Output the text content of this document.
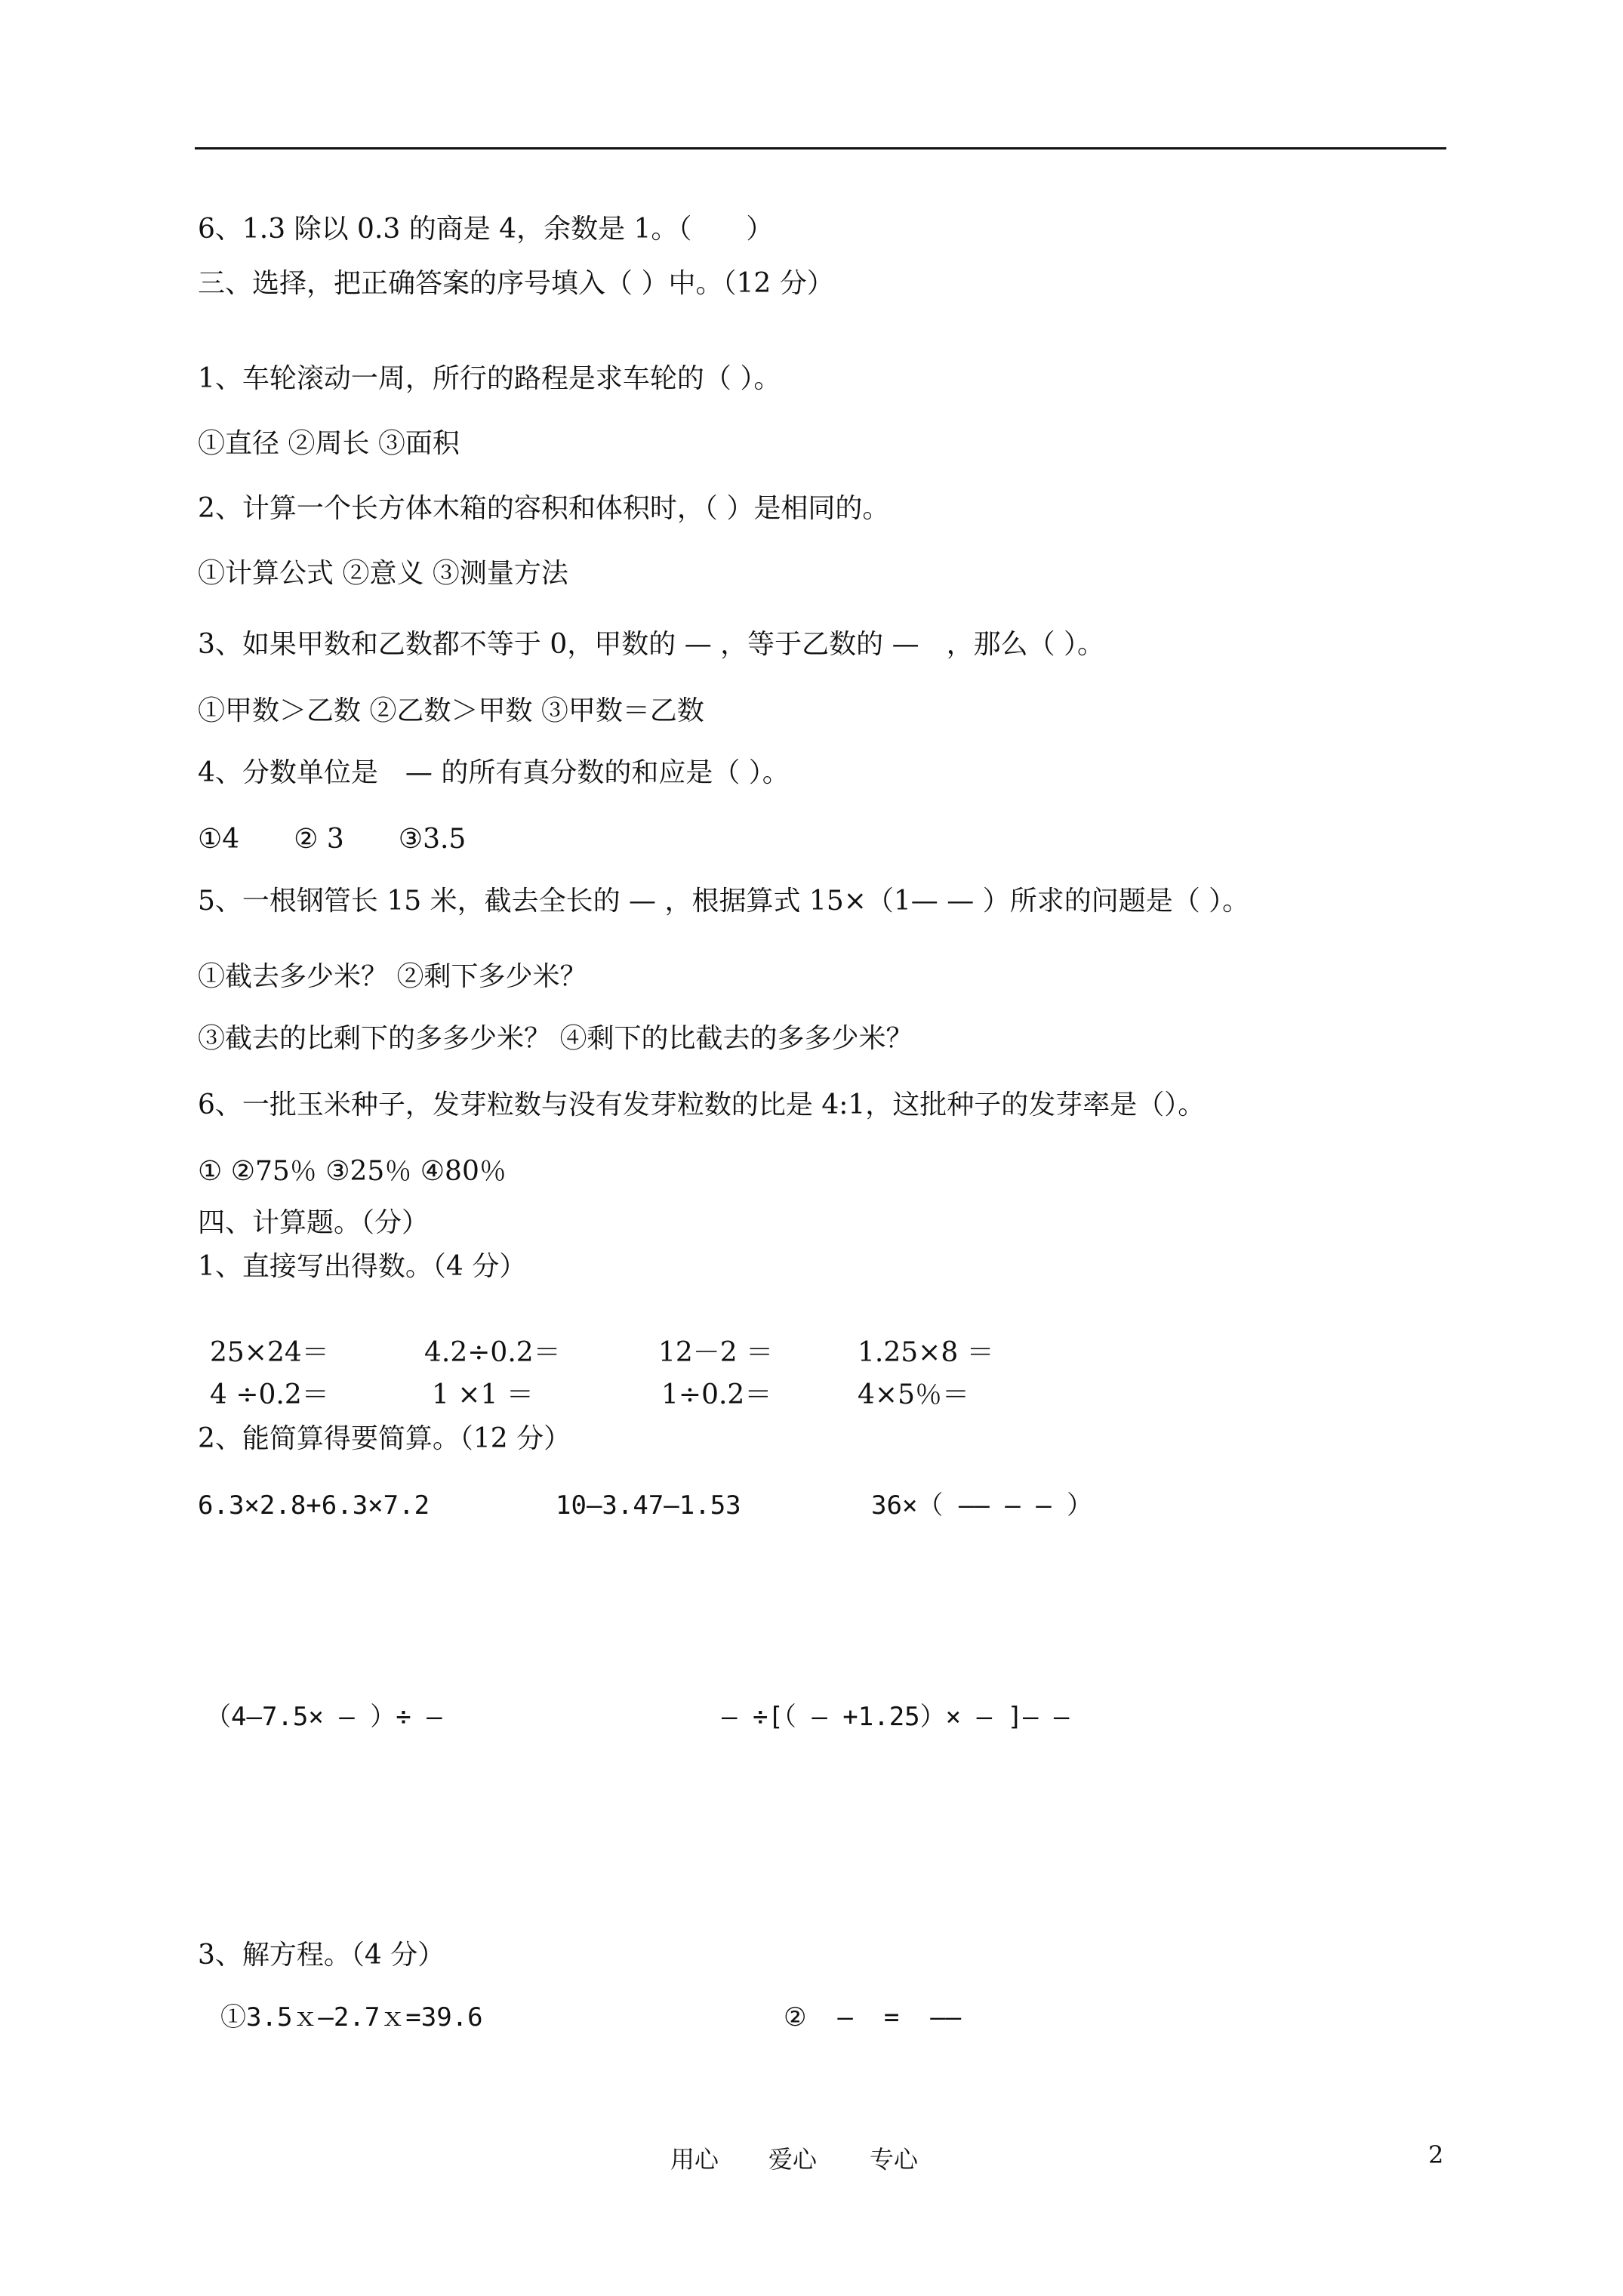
6、1.3 除以 0.3 的商是 4，余数是 1。（　　）
三、选择，把正确答案的序号填入（ ）中。（12 分）
1、车轮滚动一周，所行的路程是求车轮的（ ）。
①直径 ②周长 ③面积
2、计算一个长方体木箱的容积和体积时，（ ）是相同的。
①计算公式 ②意义 ③测量方法
3、如果甲数和乙数都不等于 0，甲数的 — ，等于乙数的 —　，那么（ ）。
①甲数＞乙数 ②乙数＞甲数 ③甲数＝乙数
4、分数单位是　— 的所有真分数的和应是（ ）。
①4　　② 3　　③3.5
5、一根钢管长 15 米，截去全长的 — ，根据算式 15×（1— — ）所求的问题是（ ）。
①截去多少米？ ②剩下多少米？
③截去的比剩下的多多少米？ ④剩下的比截去的多多少米？
6、一批玉米种子，发芽粒数与没有发芽粒数的比是 4:1，这批种子的发芽率是（）。
① ②75％ ③25％ ④80％
四、计算题。（分）
1、直接写出得数。（4 分）
25×24＝	4.2÷0.2＝	12－2 ＝	1.25×8 ＝
4 ÷0.2＝	1 ×1 ＝	1÷0.2＝	4×5％＝
2、能简算得要简算。（12 分）
6.3×2.8+6.3×7.2	10—3.47—1.53	36×（ —— — — ）
（4—7.5× — ）÷ —	— ÷[（ — +1.25）× — ]— —
3、解方程。（4 分）
①3.5ｘ—2.7ｘ=39.6	②  —  =  ——
用心 爱心 专心	2
